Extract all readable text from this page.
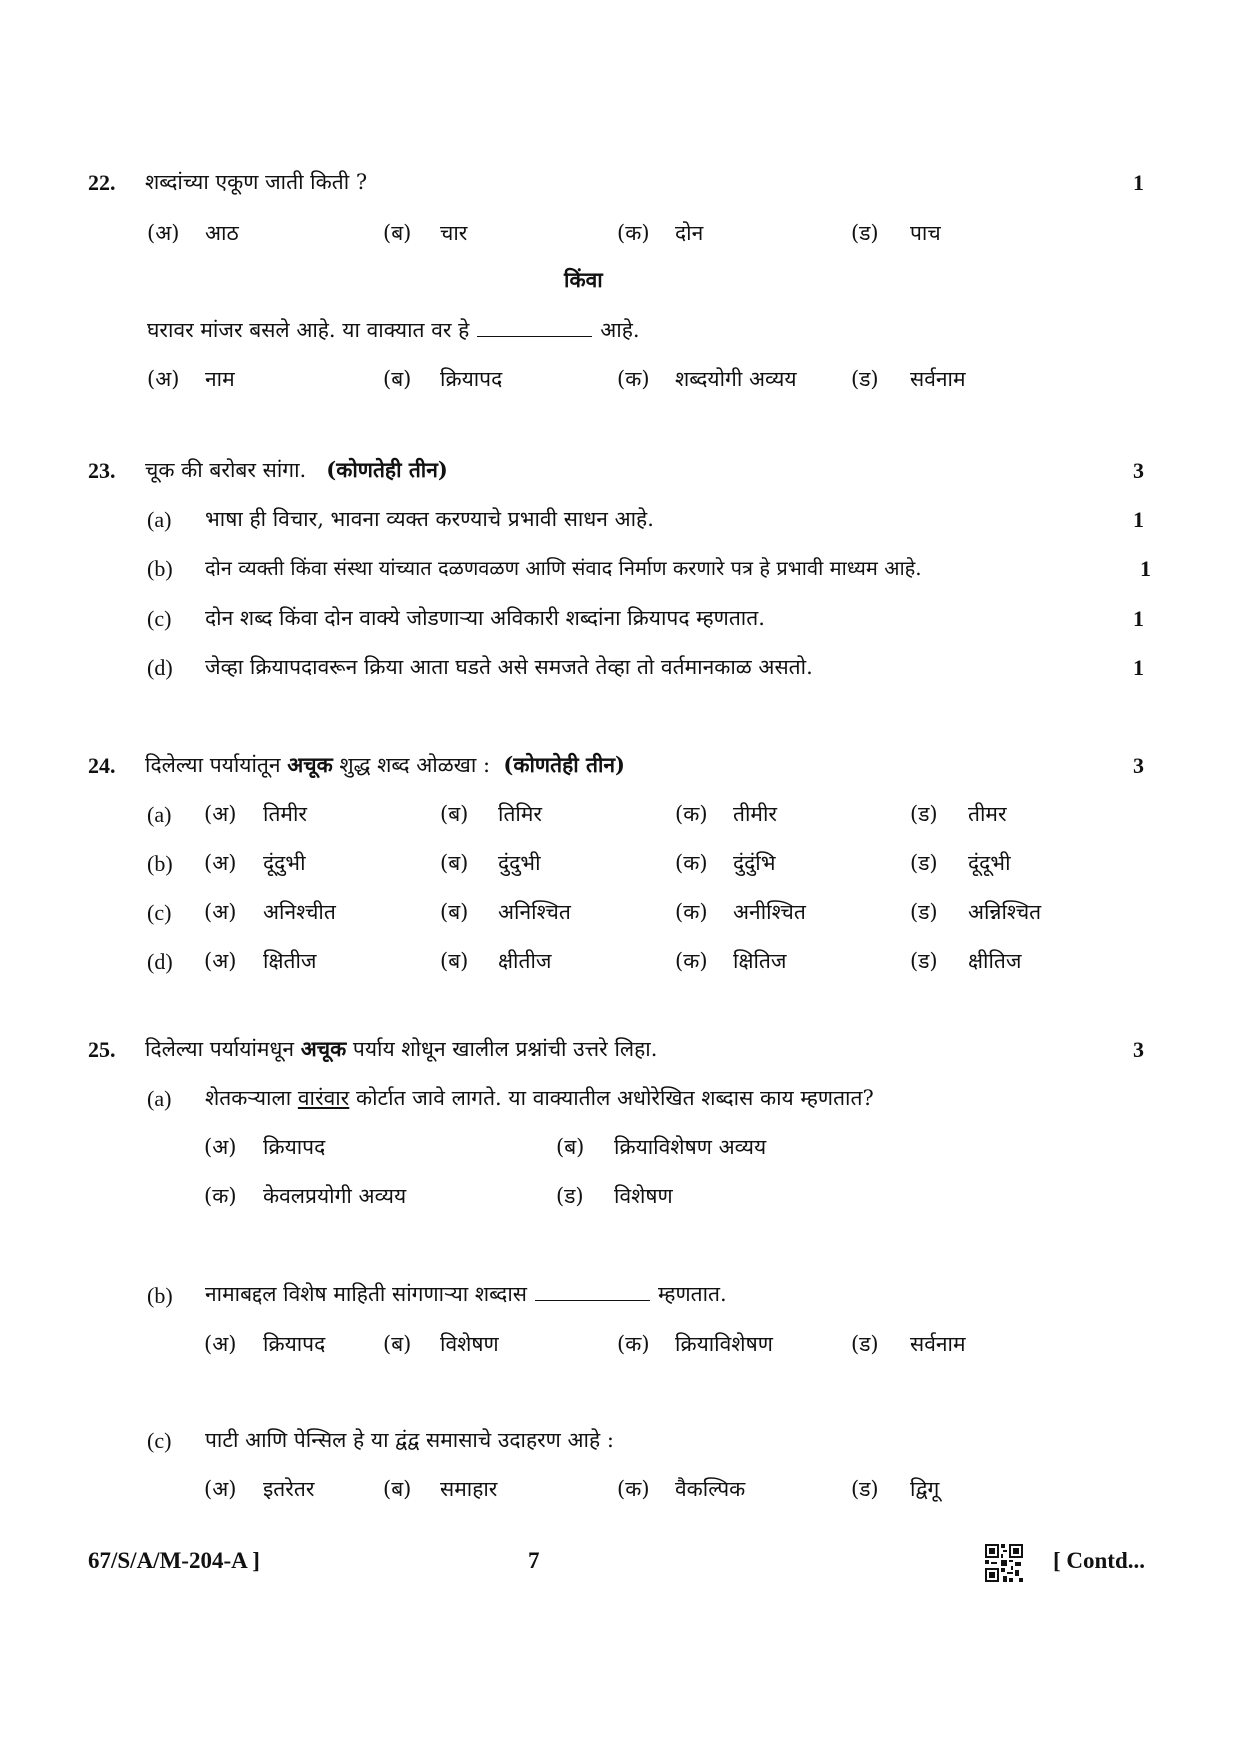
22. शब्दांच्या एकूण जाती किती ?	1
(अ) आठ	(ब) चार	(क) दोन	(ड) पाच
किंवा
घरावर मांजर बसले आहे. या वाक्यात वर हे	आहे.
(अ) नाम	(ब) क्रियापद	(क) शब्दयोगी अव्यय	(ड) सर्वनाम
23. चूक की बरोबर सांगा. (कोणतेही तीन)	3
(a) भाषा ही विचार, भावना व्यक्त करण्याचे प्रभावी साधन आहे.	1
(b) दोन व्यक्ती किंवा संस्था यांच्यात दळणवळण आणि संवाद निर्माण करणारे पत्र हे प्रभावी माध्यम आहे.	1
(c) दोन शब्द किंवा दोन वाक्ये जोडणाऱ्या अविकारी शब्दांना क्रियापद म्हणतात.	1
(d) जेव्हा क्रियापदावरून क्रिया आता घडते असे समजते तेव्हा तो वर्तमानकाळ असतो.	1
24. दिलेल्या पर्यायांतून अचूक शुद्ध शब्द ओळखा : (कोणतेही तीन)	3
(a) (अ) तिमीर	(ब) तिमिर	(क) तीमीर	(ड) तीमर
(b) (अ) दूंदुभी	(ब) दुंदुभी	(क) दुंदुंभि	(ड) दूंदूभी
(c) (अ) अनिश्चीत	(ब) अनिश्चित	(क) अनीश्चित	(ड) अन्निश्चित
(d) (अ) क्षितीज	(ब) क्षीतीज	(क) क्षितिज	(ड) क्षीतिज
25. दिलेल्या पर्यायांमधून अचूक पर्याय शोधून खालील प्रश्नांची उत्तरे लिहा.	3
(a) शेतकऱ्याला वारंवार कोर्टात जावे लागते. या वाक्यातील अधोरेखित शब्दास काय म्हणतात?
(अ) क्रियापद	(ब) क्रियाविशेषण अव्यय
(क) केवलप्रयोगी अव्यय	(ड) विशेषण
(b) नामाबद्दल विशेष माहिती सांगणाऱ्या शब्दास	म्हणतात.
(अ) क्रियापद	(ब) विशेषण	(क) क्रियाविशेषण	(ड) सर्वनाम
(c) पाटी आणि पेन्सिल हे या द्वंद्व समासाचे उदाहरण आहे :
(अ) इतरेतर	(ब) समाहार	(क) वैकल्पिक	(ड) द्विगू
67/S/A/M-204-A ]	7	[ Contd...
